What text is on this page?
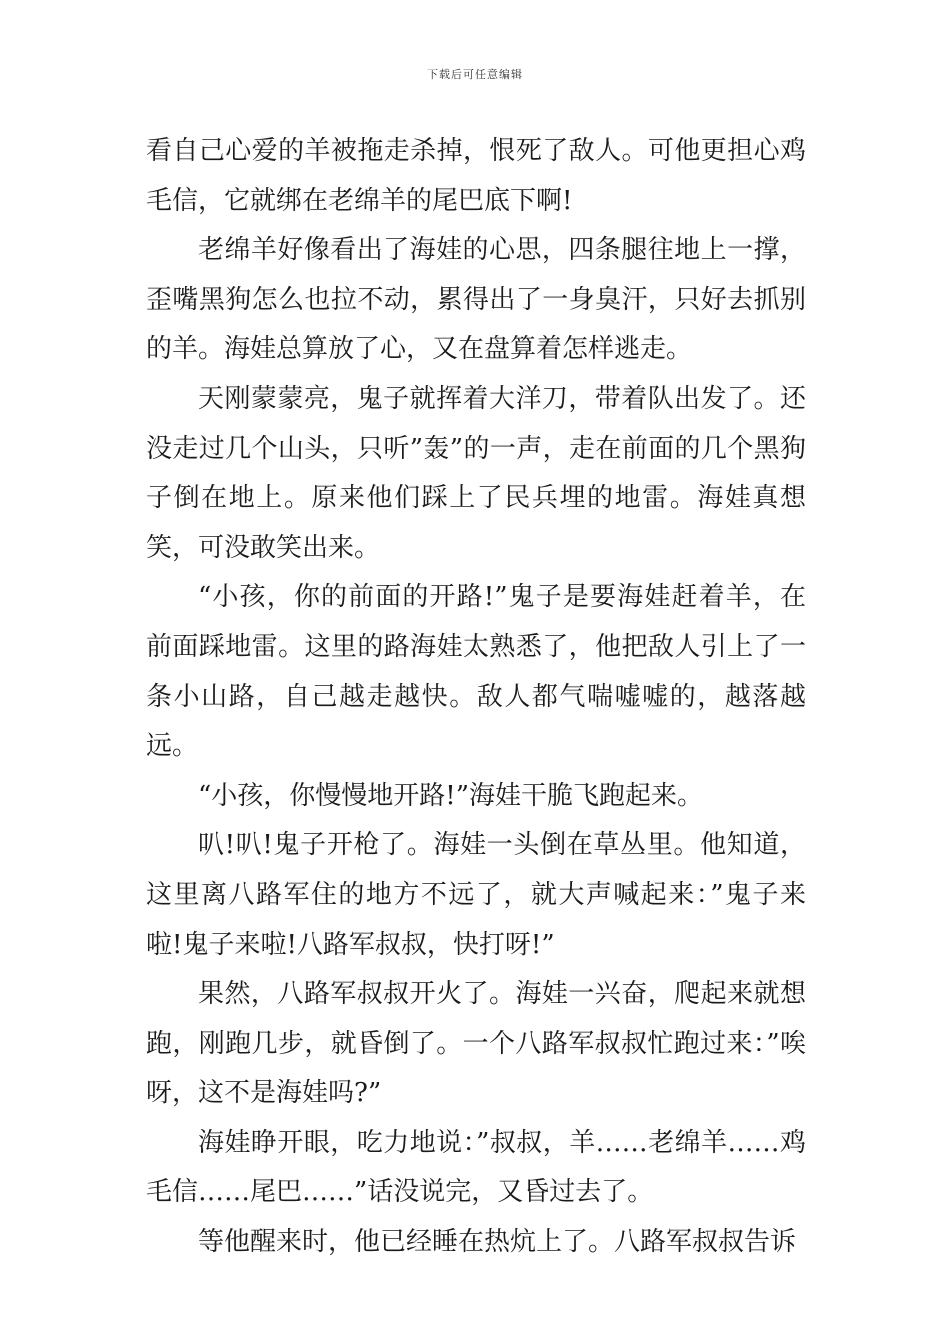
下载后可任意编辑

看自己心爱的羊被拖走杀掉，恨死了敌人。可他更担心鸡毛信，它就绑在老绵羊的尾巴底下啊!

老绵羊好像看出了海娃的心思，四条腿往地上一撑，歪嘴黑狗怎么也拉不动，累得出了一身臭汗，只好去抓别的羊。海娃总算放了心，又在盘算着怎样逃走。

天刚蒙蒙亮，鬼子就挥着大洋刀，带着队出发了。还没走过几个山头，只听”轰”的一声，走在前面的几个黑狗子倒在地上。原来他们踩上了民兵埋的地雷。海娃真想笑，可没敢笑出来。

“小孩，你的前面的开路!”鬼子是要海娃赶着羊，在前面踩地雷。这里的路海娃太熟悉了，他把敌人引上了一条小山路，自己越走越快。敌人都气喘嘘嘘的，越落越远。

“小孩，你慢慢地开路!”海娃干脆飞跑起来。

叭!叭!鬼子开枪了。海娃一头倒在草丛里。他知道，这里离八路军住的地方不远了，就大声喊起来：”鬼子来啦!鬼子来啦!八路军叔叔，快打呀!”

果然，八路军叔叔开火了。海娃一兴奋，爬起来就想跑，刚跑几步，就昏倒了。一个八路军叔叔忙跑过来：”唉呀，这不是海娃吗?”

海娃睁开眼，吃力地说：”叔叔，羊……老绵羊……鸡毛信……尾巴……”话没说完，又昏过去了。

等他醒来时，他已经睡在热炕上了。八路军叔叔告诉
